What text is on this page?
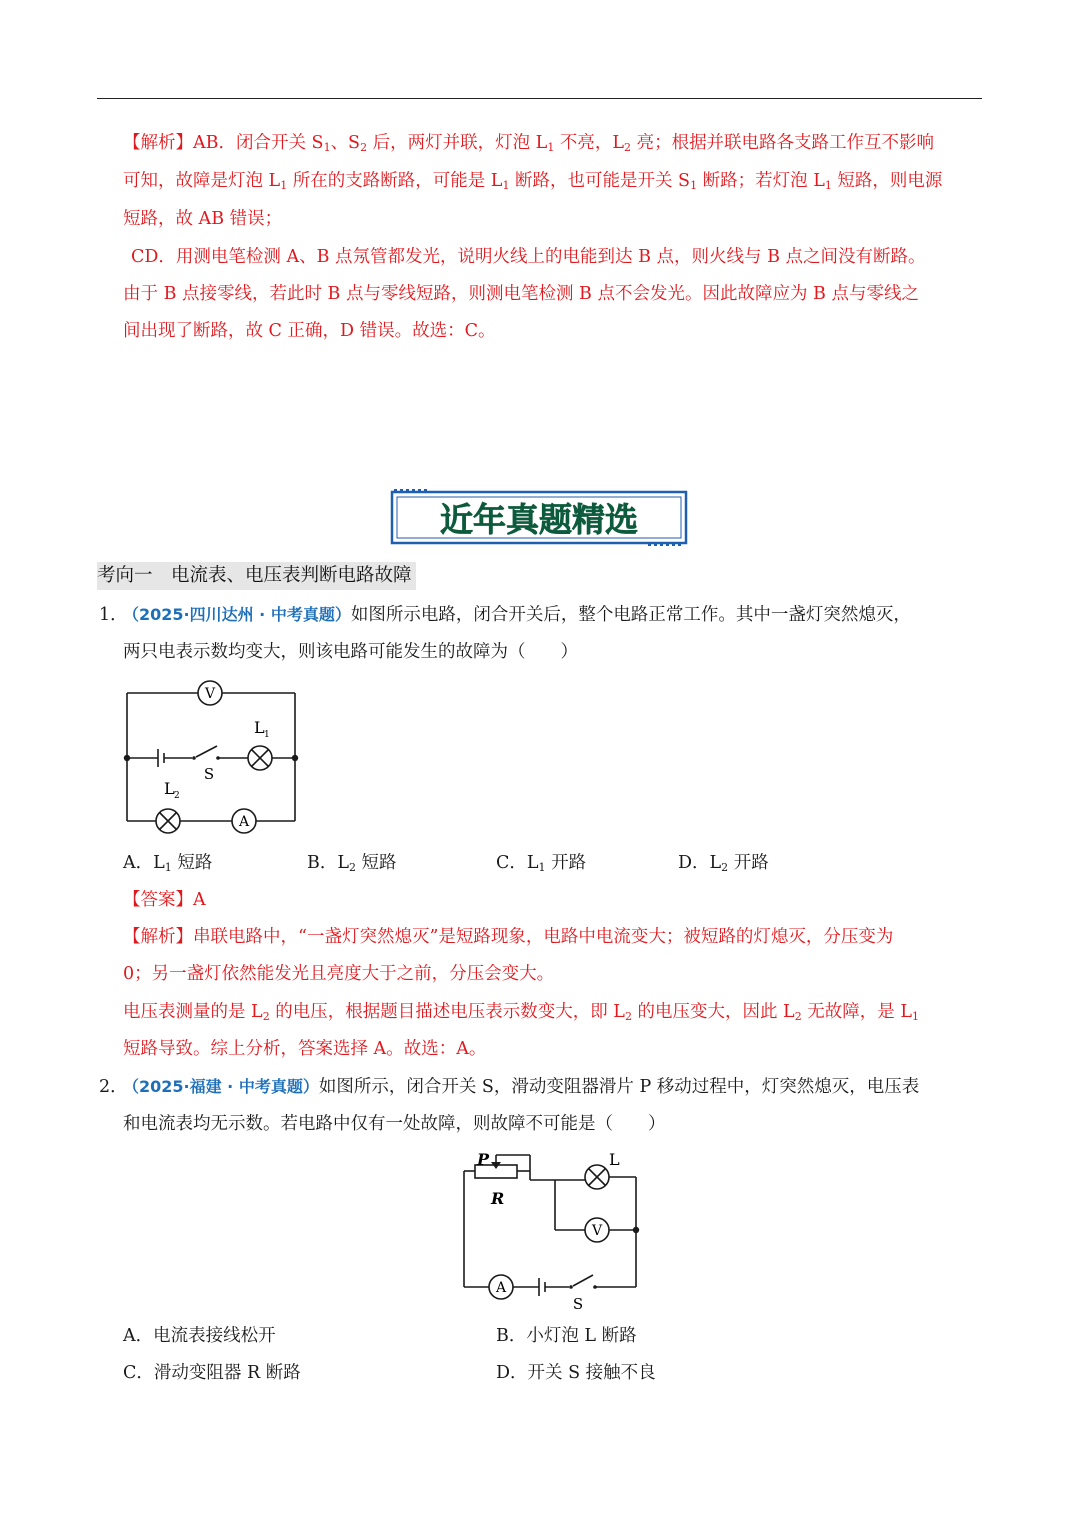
【解析】AB．闭合开关 $S_1$、$S_2$ 后，两灯并联，灯泡 $L_1$ 不亮，$L_2$ 亮；根据并联电路各支路工作互不影响
可知，故障是灯泡 $L_1$ 所在的支路断路，可能是 $L_1$ 断路，也可能是开关 $S_1$ 断路；若灯泡 $L_1$ 短路，则电源
短路，故 AB 错误；
CD．用测电笔检测 A、B 点氖管都发光，说明火线上的电能到达 B 点，则火线与 B 点之间没有断路。
由于 B 点接零线，若此时 B 点与零线短路，则测电笔检测 B 点不会发光。因此故障应为 B 点与零线之
间出现了断路，故 C 正确，D 错误。故选：C。
近年真题精选
考向一　电流表、电压表判断电路故障
1．
（2025·四川达州 · 中考真题）如图所示电路，闭合开关后，整个电路正常工作。其中一盏灯突然熄灭，
两只电表示数均变大，则该电路可能发生的故障为（　　）
V
A
S
L 1
L 2
A．$L_1$ 短路	B．$L_2$ 短路	C．$L_1$ 开路	D．$L_2$ 开路
【答案】A
【解析】串联电路中，“一盏灯突然熄灭”是短路现象，电路中电流变大；被短路的灯熄灭，分压变为
0；另一盏灯依然能发光且亮度大于之前，分压会变大。
电压表测量的是 $L_2$ 的电压，根据题目描述电压表示数变大，即 $L_2$ 的电压变大，因此 $L_2$ 无故障，是 $L_1$
短路导致。综上分析，答案选择 A。故选：A。
2．
（2025·福建 · 中考真题）如图所示，闭合开关 S，滑动变阻器滑片 P 移动过程中，灯突然熄灭，电压表
和电流表均无示数。若电路中仅有一处故障，则故障不可能是（　　）
P
R
L
V
A
S
A．电流表接线松开	B．小灯泡 L 断路
C．滑动变阻器 R 断路	D．开关 S 接触不良
